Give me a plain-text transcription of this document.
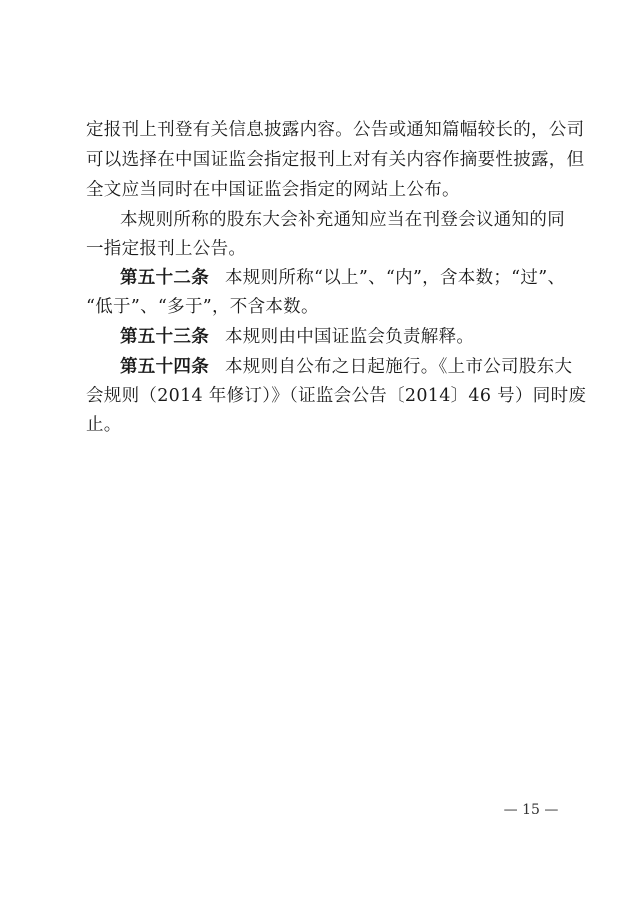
定报刊上刊登有关信息披露内容。公告或通知篇幅较长的，公司
可以选择在中国证监会指定报刊上对有关内容作摘要性披露，但
全文应当同时在中国证监会指定的网站上公布。
本规则所称的股东大会补充通知应当在刊登会议通知的同
一指定报刊上公告。
第五十二条 本规则所称“以上”、“内”，含本数；“过”、
“低于”、“多于”，不含本数。
第五十三条 本规则由中国证监会负责解释。
第五十四条 本规则自公布之日起施行。《上市公司股东大
会规则（2014 年修订）》（证监会公告〔2014〕46 号）同时废
止。
— 15 —
